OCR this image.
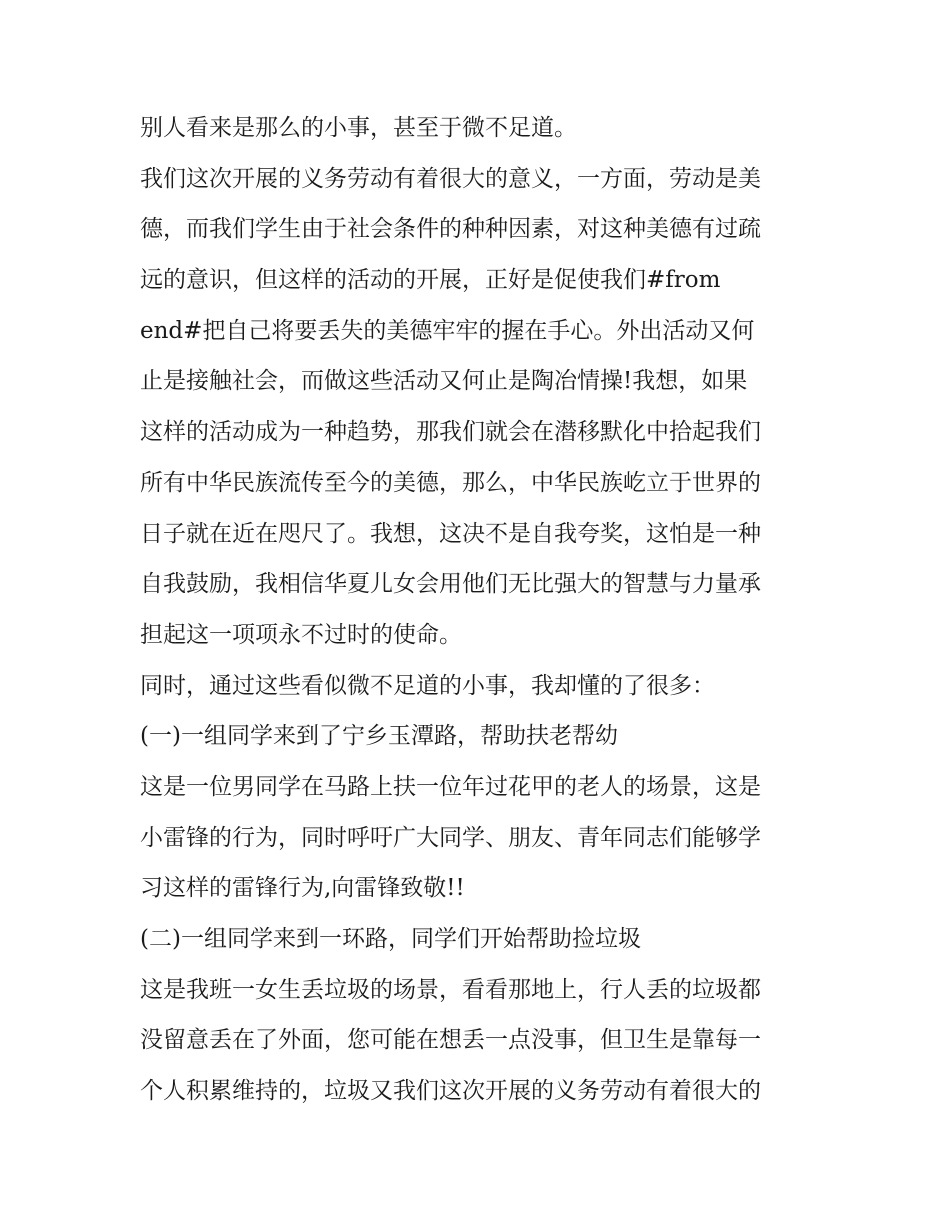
别人看来是那么的小事，甚至于微不足道。

我们这次开展的义务劳动有着很大的意义，一方面，劳动是美

德，而我们学生由于社会条件的种种因素，对这种美德有过疏

远的意识，但这样的活动的开展，正好是促使我们#from

end#把自己将要丢失的美德牢牢的握在手心。外出活动又何

止是接触社会，而做这些活动又何止是陶冶情操!我想，如果

这样的活动成为一种趋势，那我们就会在潜移默化中拾起我们

所有中华民族流传至今的美德，那么，中华民族屹立于世界的

日子就在近在咫尺了。我想，这决不是自我夸奖，这怕是一种

自我鼓励，我相信华夏儿女会用他们无比强大的智慧与力量承

担起这一项项永不过时的使命。

同时，通过这些看似微不足道的小事，我却懂的了很多：

(一)一组同学来到了宁乡玉潭路，帮助扶老帮幼

这是一位男同学在马路上扶一位年过花甲的老人的场景，这是

小雷锋的行为，同时呼吁广大同学、朋友、青年同志们能够学

习这样的雷锋行为,向雷锋致敬!!

(二)一组同学来到一环路，同学们开始帮助捡垃圾

这是我班一女生丢垃圾的场景，看看那地上，行人丢的垃圾都

没留意丢在了外面，您可能在想丢一点没事，但卫生是靠每一

个人积累维持的，垃圾又我们这次开展的义务劳动有着很大的
